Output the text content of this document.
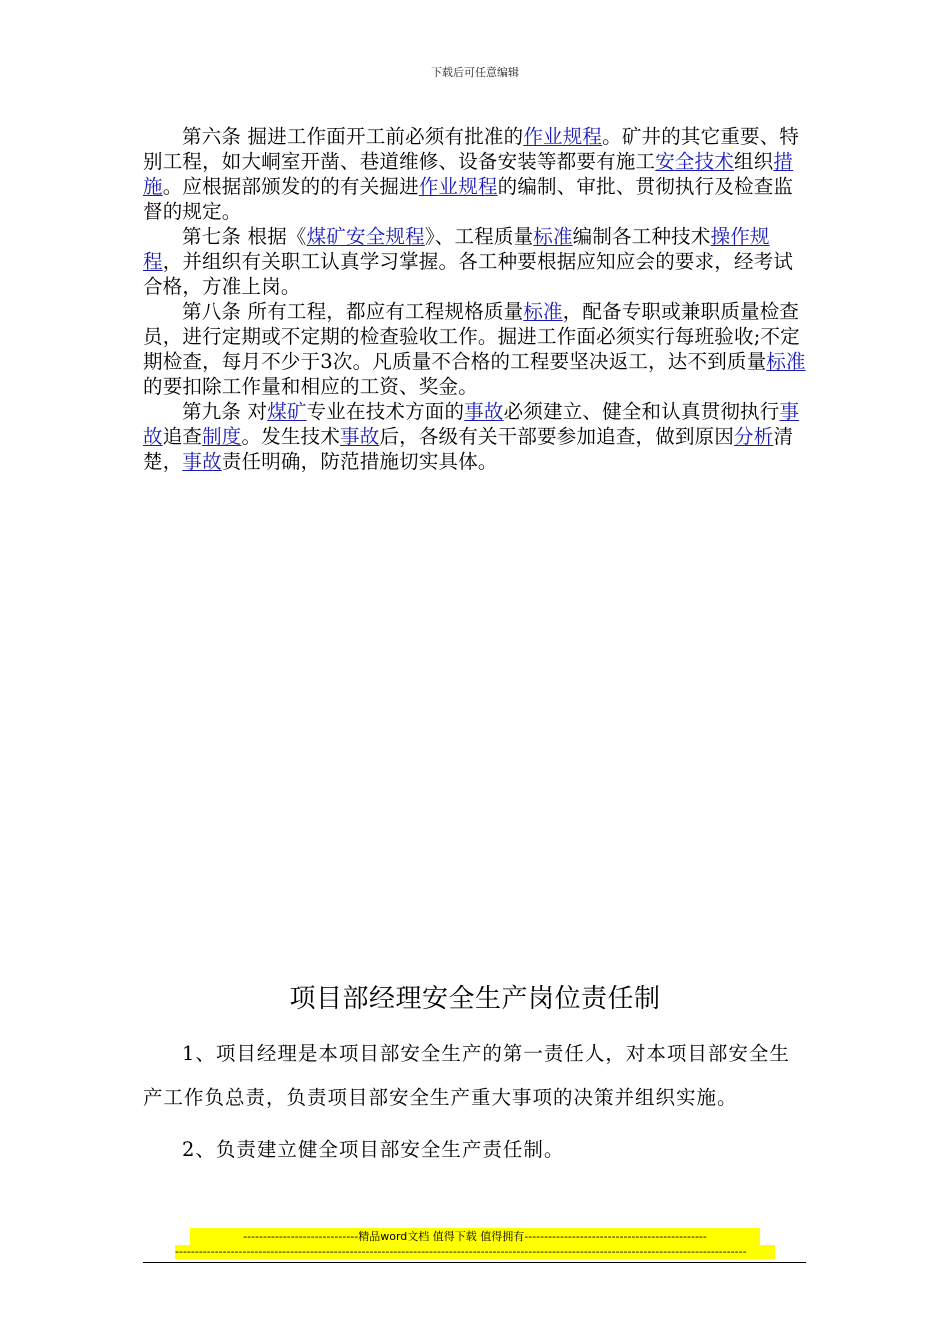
下载后可任意编辑

第六条 掘进工作面开工前必须有批准的作业规程。矿井的其它重要、特别工程，如大峒室开凿、巷道维修、设备安装等都要有施工安全技术组织措施。应根据部颁发的的有关掘进作业规程的编制、审批、贯彻执行及检查监督的规定。

第七条 根据《煤矿安全规程》、工程质量标准编制各工种技术操作规程，并组织有关职工认真学习掌握。各工种要根据应知应会的要求，经考试合格，方准上岗。

第八条 所有工程，都应有工程规格质量标准，配备专职或兼职质量检查员，进行定期或不定期的检查验收工作。掘进工作面必须实行每班验收;不定期检查，每月不少于3次。凡质量不合格的工程要坚决返工，达不到质量标准的要扣除工作量和相应的工资、奖金。

第九条 对煤矿专业在技术方面的事故必须建立、健全和认真贯彻执行事故追查制度。发生技术事故后，各级有关干部要参加追查，做到原因分析清楚，事故责任明确，防范措施切实具体。

项目部经理安全生产岗位责任制

1、项目经理是本项目部安全生产的第一责任人，对本项目部安全生产工作负总责，负责项目部安全生产重大事项的决策并组织实施。

2、负责建立健全项目部安全生产责任制。

-----------------------------精品word文档 值得下载 值得拥有----------------------------------------------
------------------------------------------------------------------------------------------------------------------------------------------------
